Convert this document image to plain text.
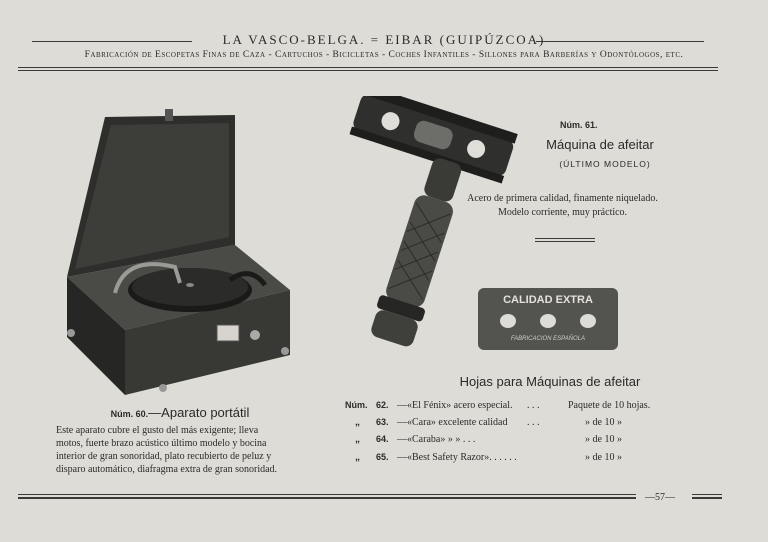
LA VASCO-BELGA. = EIBAR (GUIPÚZCOA)
Fabricación de Escopetas Finas de Caza - Cartuchos - Bicicletas - Coches Infantiles - Sillones para Barberías y Odontólogos, etc.
Núm. 61.
Máquina de afeitar
(ÚLTIMO MODELO)
Acero de primera calidad, finamente niquelado.
Modelo corriente, muy práctico.
CALIDAD EXTRA
FABRICACION ESPAÑOLA
Hojas para Máquinas de afeitar
Núm. 62. —«El Fénix» acero especial. . . .	Paquete de 10 hojas.
„ 63. —«Cara» excelente calidad . . .	» de 10 »
„ 64. —«Caraba» » » . . .	» de 10 »
„ 65. —«Best Safety Razor». . . . . .	» de 10 »
Núm. 60.—Aparato portátil
Este aparato cubre el gusto del más exigente; lleva
motos, fuerte brazo acústico último modelo y bocina
interior de gran sonoridad, plato recubierto de peluz y
disparo automático, diafragma extra de gran sonoridad.
—57—
